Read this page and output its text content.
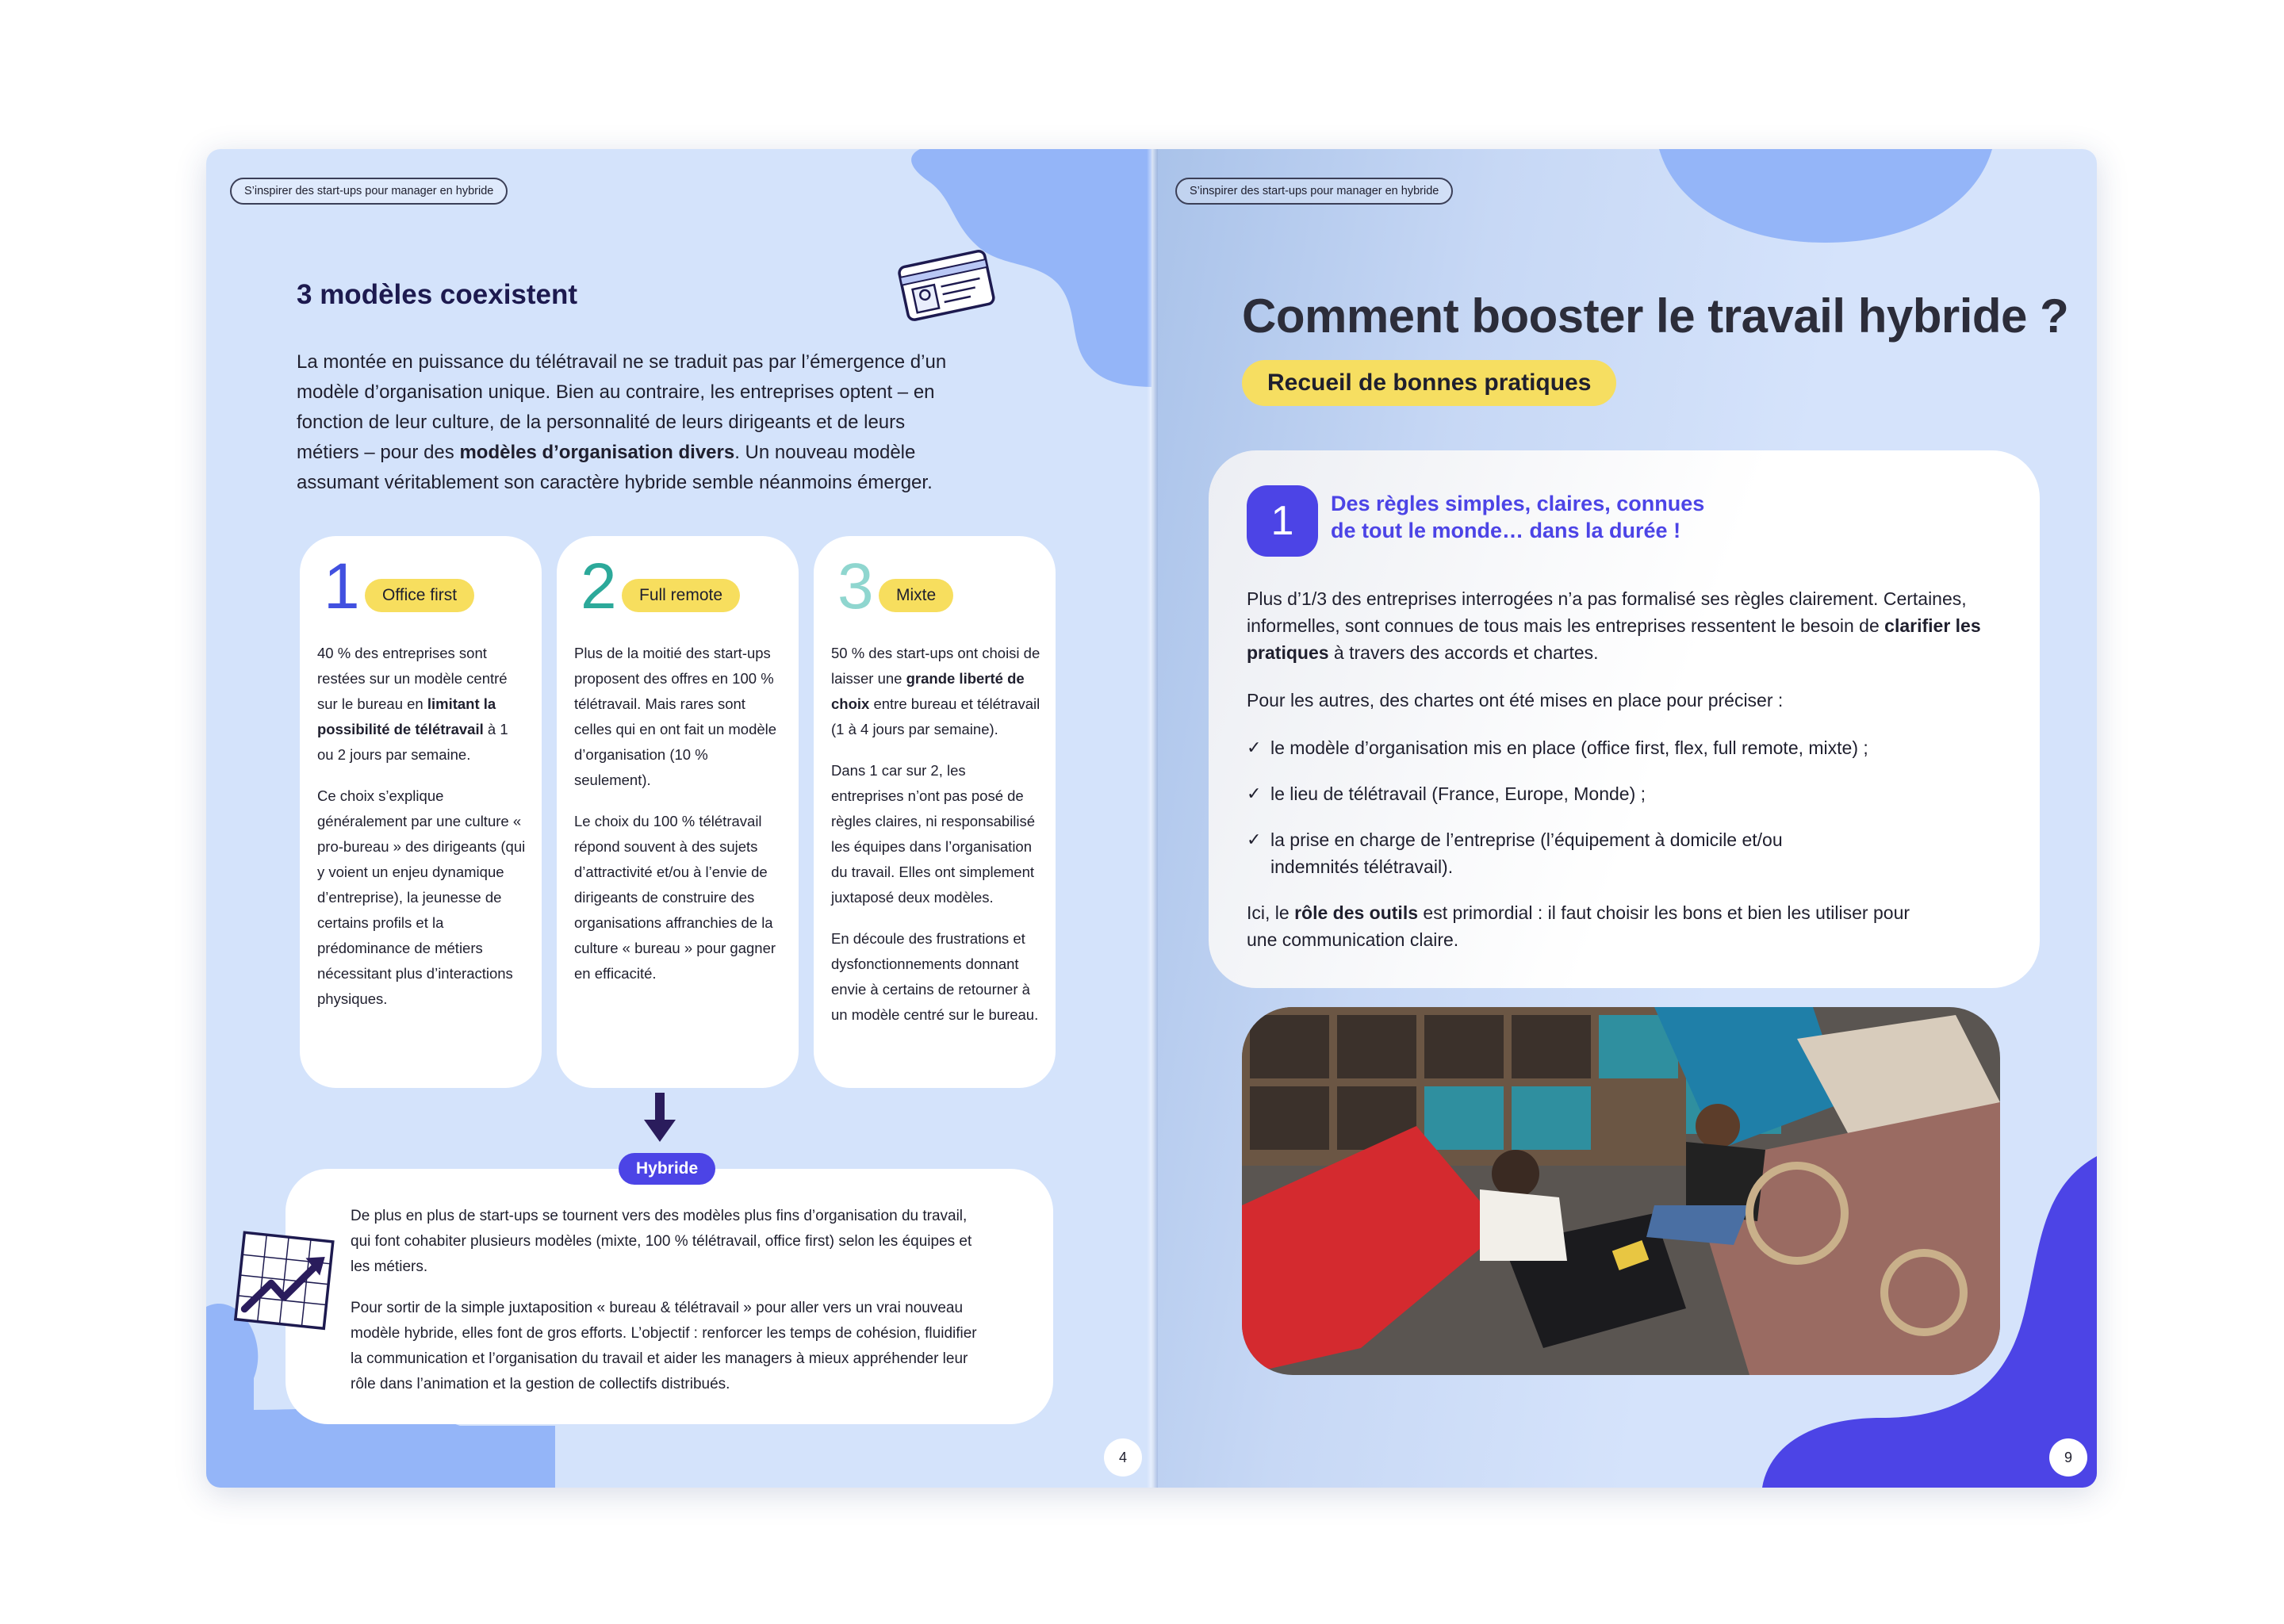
S’inspirer des start-ups pour manager en hybride
3 modèles coexistent
La montée en puissance du télétravail ne se traduit pas par l’émergence d’un modèle d’organisation unique. Bien au contraire, les entreprises optent – en fonction de leur culture, de la personnalité de leurs dirigeants et de leurs métiers – pour des modèles d’organisation divers. Un nouveau modèle assumant véritablement son caractère hybride semble néanmoins émerger.
1	Office first

40 % des entreprises sont restées sur un modèle centré sur le bureau en limitant la possibilité de télétravail à 1 ou 2 jours par semaine.

Ce choix s’explique généralement par une culture « pro-bureau » des dirigeants (qui y voient un enjeu dynamique d’entreprise), la jeunesse de certains profils et la prédominance de métiers nécessitant plus d’interactions physiques.

2	Full remote

Plus de la moitié des start-ups proposent des offres en 100 % télétravail. Mais rares sont celles qui en ont fait un modèle d’organisation (10 % seulement).

Le choix du 100 % télétravail répond souvent à des sujets d’attractivité et/ou à l’envie de dirigeants de construire des organisations affranchies de la culture « bureau » pour gagner en efficacité.

3	Mixte

50 % des start-ups ont choisi de laisser une grande liberté de choix entre bureau et télétravail (1 à 4 jours par semaine).

Dans 1 car sur 2, les entreprises n’ont pas posé de règles claires, ni responsabilisé les équipes dans l’organisation du travail. Elles ont simplement juxtaposé deux modèles.

En découle des frustrations et dysfonctionnements donnant envie à certains de retourner à un modèle centré sur le bureau.

De plus en plus de start-ups se tournent vers des modèles plus fins d’organisation du travail, qui font cohabiter plusieurs modèles (mixte, 100 % télétravail, office first) selon les équipes et les métiers.

Pour sortir de la simple juxtaposition « bureau & télétravail » pour aller vers un vrai nouveau modèle hybride, elles font de gros efforts. L’objectif : renforcer les temps de cohésion, fluidifier la communication et l’organisation du travail et aider les managers à mieux appréhender leur rôle dans l’animation et la gestion de collectifs distribués.

Hybride
4
S’inspirer des start-ups pour manager en hybride
Comment booster le travail hybride ?
Recueil de bonnes pratiques
1	Des règles simples, claires, connues
de tout le monde… dans la durée !

Plus d’1/3 des entreprises interrogées n’a pas formalisé ses règles clairement. Certaines, informelles, sont connues de tous mais les entreprises ressentent le besoin de clarifier les pratiques à travers des accords et chartes.

Pour les autres, des chartes ont été mises en place pour préciser :

✓ le modèle d’organisation mis en place (office first, flex, full remote, mixte) ;
✓ le lieu de télétravail (France, Europe, Monde) ;
✓ la prise en charge de l’entreprise (l’équipement à domicile et/ou indemnités télétravail).

Ici, le rôle des outils est primordial : il faut choisir les bons et bien les utiliser pour une communication claire.

9
